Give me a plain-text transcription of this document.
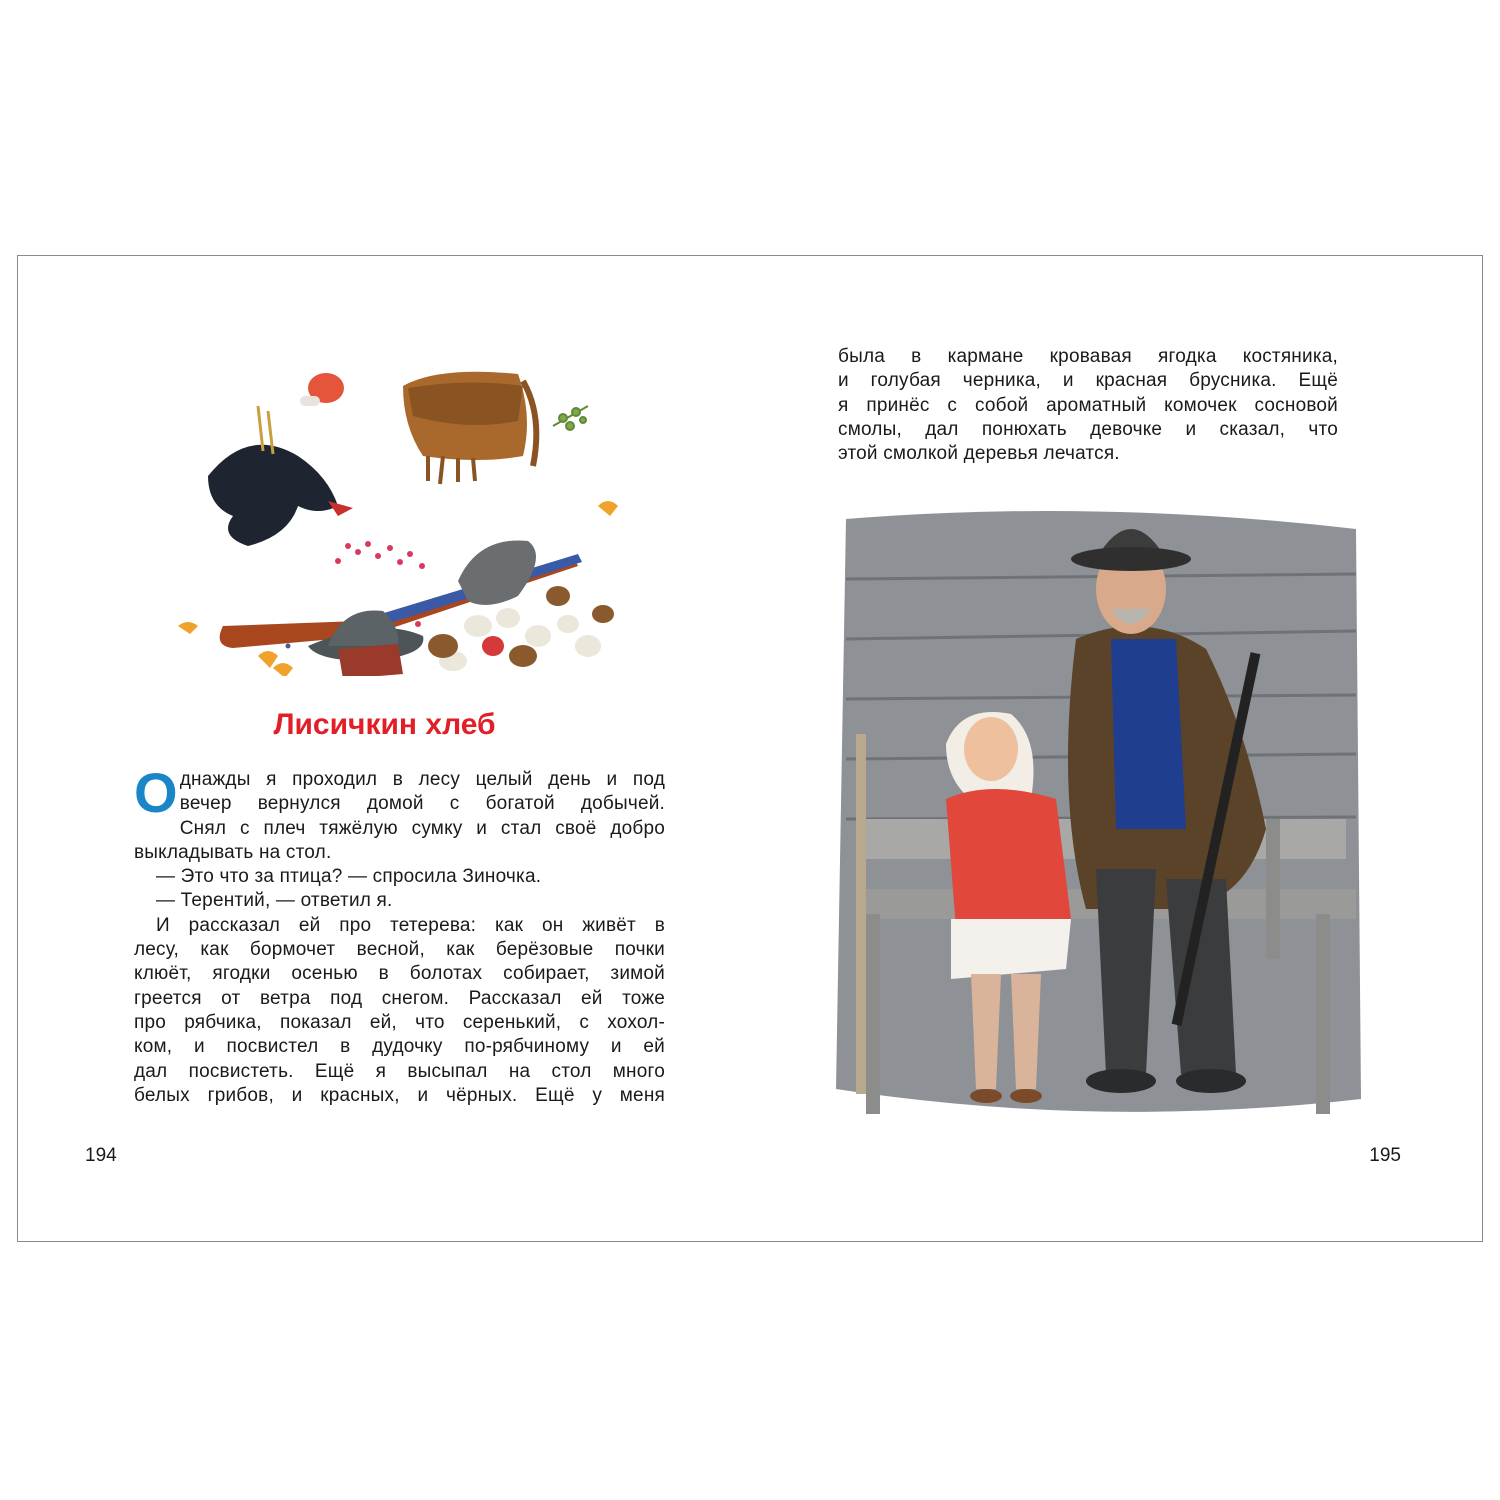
Лисичкин хлеб
О днажды я проходил в лесу целый день и под
вечер вернулся домой с богатой добычей.
Снял с плеч тяжёлую сумку и стал своё добро
выкладывать на стол.
— Это что за птица? — спросила Зиночка.
— Терентий, — ответил я.
И рассказал ей про тетерева: как он живёт в
лесу, как бормочет весной, как берёзовые почки
клюёт, ягодки осенью в болотах собирает, зимой
греется от ветра под снегом. Рассказал ей тоже
про рябчика, показал ей, что серенький, с хохол-
ком, и посвистел в дудочку по-рябчиному и ей
дал посвистеть. Ещё я высыпал на стол много
белых грибов, и красных, и чёрных. Ещё у меня
194
была в кармане кровавая ягодка костяника,
и голубая черника, и красная брусника. Ещё
я принёс с собой ароматный комочек сосновой
смолы, дал понюхать девочке и сказал, что
этой смолкой деревья лечатся.
195
